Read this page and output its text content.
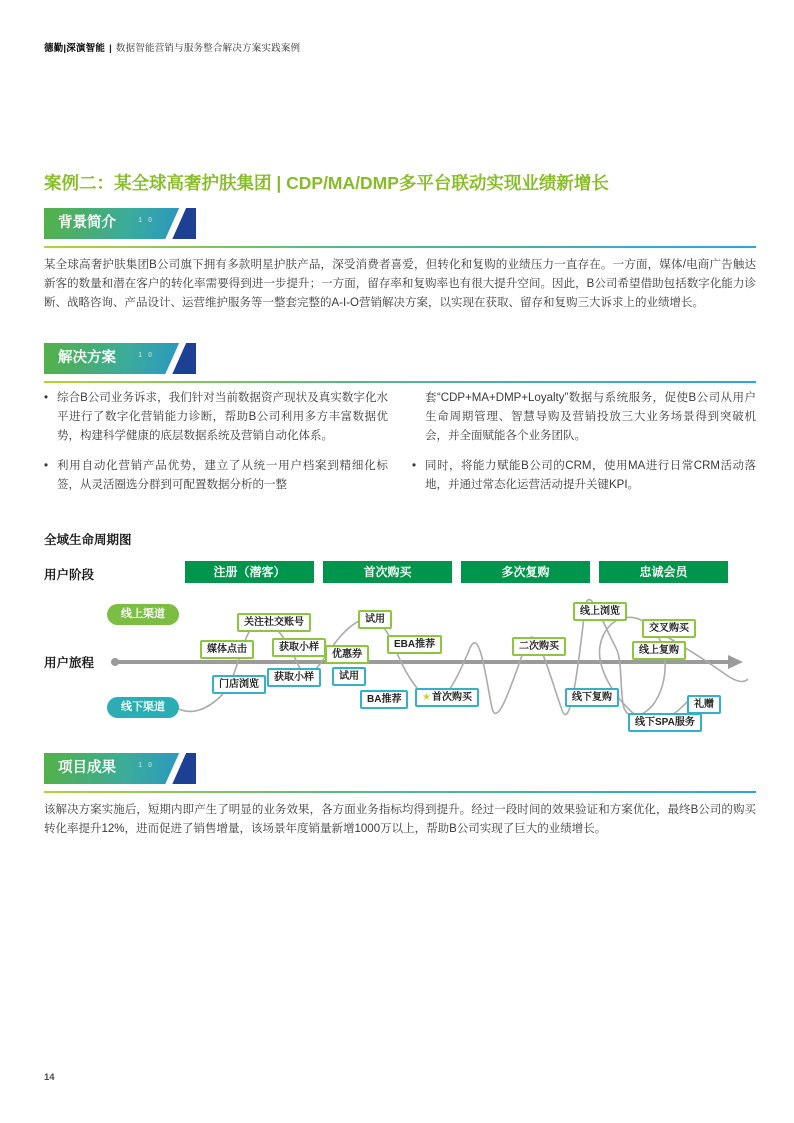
德勤|深演智能 | 数据智能营销与服务整合解决方案实践案例
案例二：某全球高奢护肤集团 | CDP/MA/DMP多平台联动实现业绩新增长
背景简介	1 0
某全球高奢护肤集团B公司旗下拥有多款明星护肤产品，深受消费者喜爱，但转化和复购的业绩压力一直存在。一方面，媒体/电商广告触达新客的数量和潜在客户的转化率需要得到进一步提升；一方面，留存率和复购率也有很大提升空间。因此，B公司希望借助包括数字化能力诊断、战略咨询、产品设计、运营维护服务等一整套完整的A-I-O营销解决方案，以实现在获取、留存和复购三大诉求上的业绩增长。
解决方案	1 0
• 综合B公司业务诉求，我们针对当前数据资产现状及真实数字化水平进行了数字化营销能力诊断，帮助B公司利用多方丰富数据优势，构建科学健康的底层数据系统及营销自动化体系。
• 利用自动化营销产品优势，建立了从统一用户档案到精细化标签，从灵活圈选分群到可配置数据分析的一整
套“CDP+MA+DMP+Loyalty”数据与系统服务，促使B公司从用户生命周期管理、智慧导购及营销投放三大业务场景得到突破机会，并全面赋能各个业务团队。
• 同时，将能力赋能B公司的CRM，使用MA进行日常CRM活动落地，并通过常态化运营活动提升关键KPI。
全域生命周期图
用户阶段	注册（潜客）	首次购买	多次复购	忠诚会员
用户旅程
线上渠道
线下渠道
关注社交账号
媒体点击	获取小样
优惠券
试用
EBA推荐	二次购买
线上浏览
交叉购买
线上复购
门店浏览
获取小样	试用
BA推荐	★首次购买	线下复购
线下SPA服务
礼赠
项目成果	1 0
该解决方案实施后，短期内即产生了明显的业务效果，各方面业务指标均得到提升。经过一段时间的效果验证和方案优化，最终B公司的购买转化率提升12%，进而促进了销售增量，该场景年度销量新增1000万以上，帮助B公司实现了巨大的业绩增长。
14
